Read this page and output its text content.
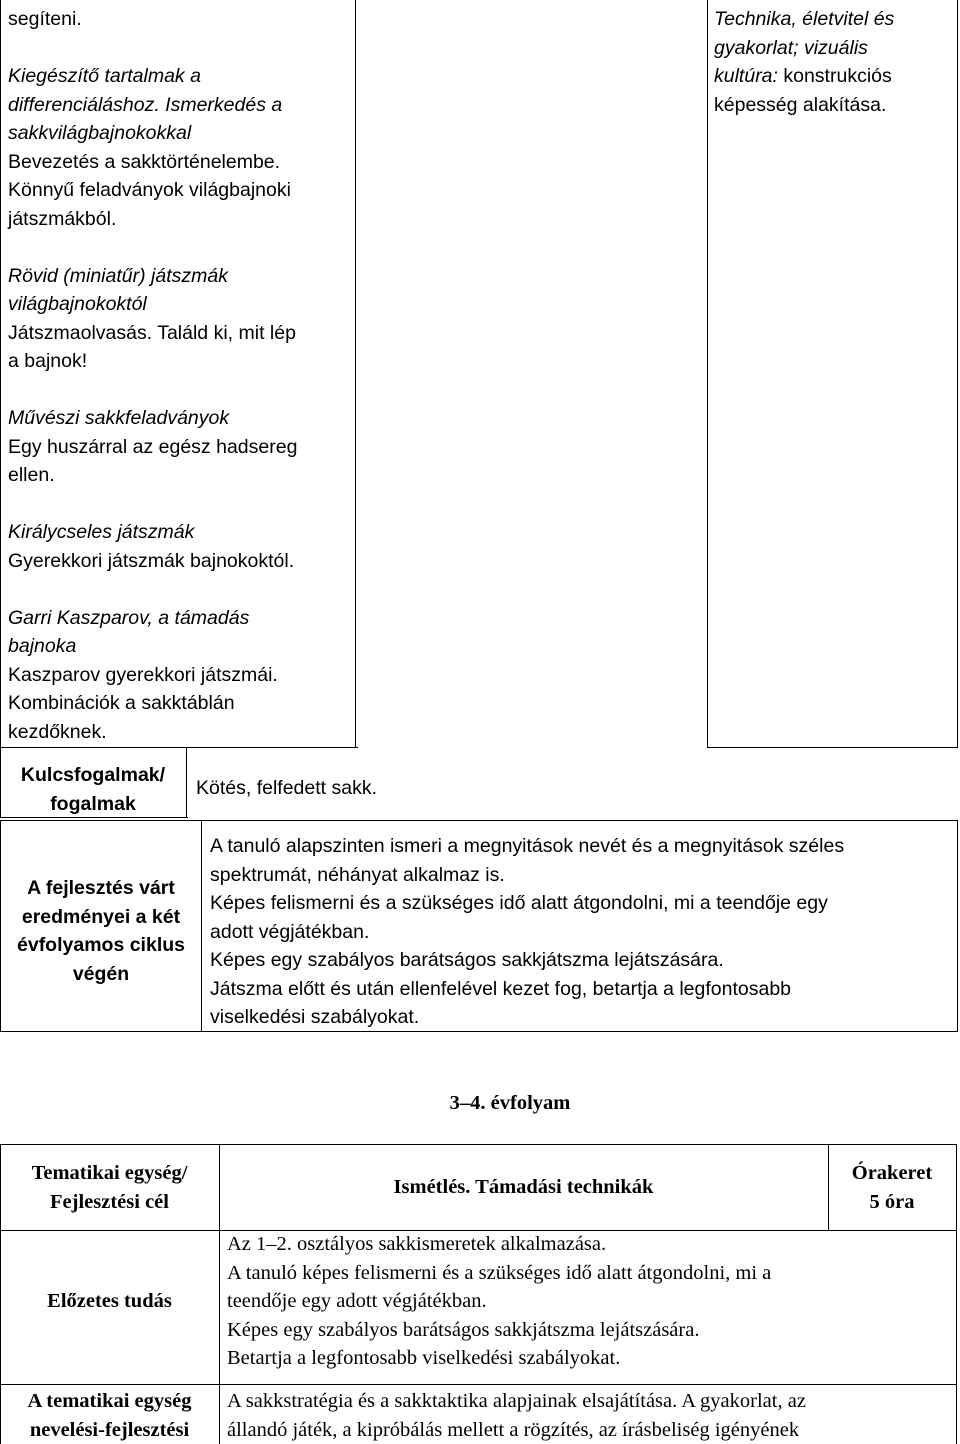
segíteni.

Kiegészítő tartalmak a
differenciáláshoz. Ismerkedés a
sakkvilágbajnokokkal
Bevezetés a sakktörténelembe.
Könnyű feladványok világbajnoki
játszmákból.

Rövid (miniatűr) játszmák
világbajnokoktól
Játszmaolvasás. Találd ki, mit lép
a bajnok!

Művészi sakkfeladványok
Egy huszárral az egész hadsereg
ellen.

Királycseles játszmák
Gyerekkori játszmák bajnokoktól.

Garri Kaszparov, a támadás
bajnoka
Kaszparov gyerekkori játszmái.
Kombinációk a sakktáblán
kezdőknek.
Technika, életvitel és
gyakorlat; vizuális
kultúra: konstrukciós
képesség alakítása.
Kulcsfogalmak/
fogalmak
Kötés, felfedett sakk.
A fejlesztés várt
eredményei a két
évfolyamos ciklus
végén
A tanuló alapszinten ismeri a megnyitások nevét és a megnyitások széles
spektrumát, néhányat alkalmaz is.
Képes felismerni és a szükséges idő alatt átgondolni, mi a teendője egy
adott végjátékban.
Képes egy szabályos barátságos sakkjátszma lejátszására.
Játszma előtt és után ellenfelével kezet fog, betartja a legfontosabb
viselkedési szabályokat.
3–4. évfolyam
Tematikai egység/
Fejlesztési cél
Ismétlés. Támadási technikák
Órakeret
5 óra
Előzetes tudás
Az 1–2. osztályos sakkismeretek alkalmazása.
A tanuló képes felismerni és a szükséges idő alatt átgondolni, mi a
teendője egy adott végjátékban.
Képes egy szabályos barátságos sakkjátszma lejátszására.
Betartja a legfontosabb viselkedési szabályokat.
A tematikai egység
nevelési-fejlesztési
A sakkstratégia és a sakktaktika alapjainak elsajátítása. A gyakorlat, az
állandó játék, a kipróbálás mellett a rögzítés, az írásbeliség igényének
